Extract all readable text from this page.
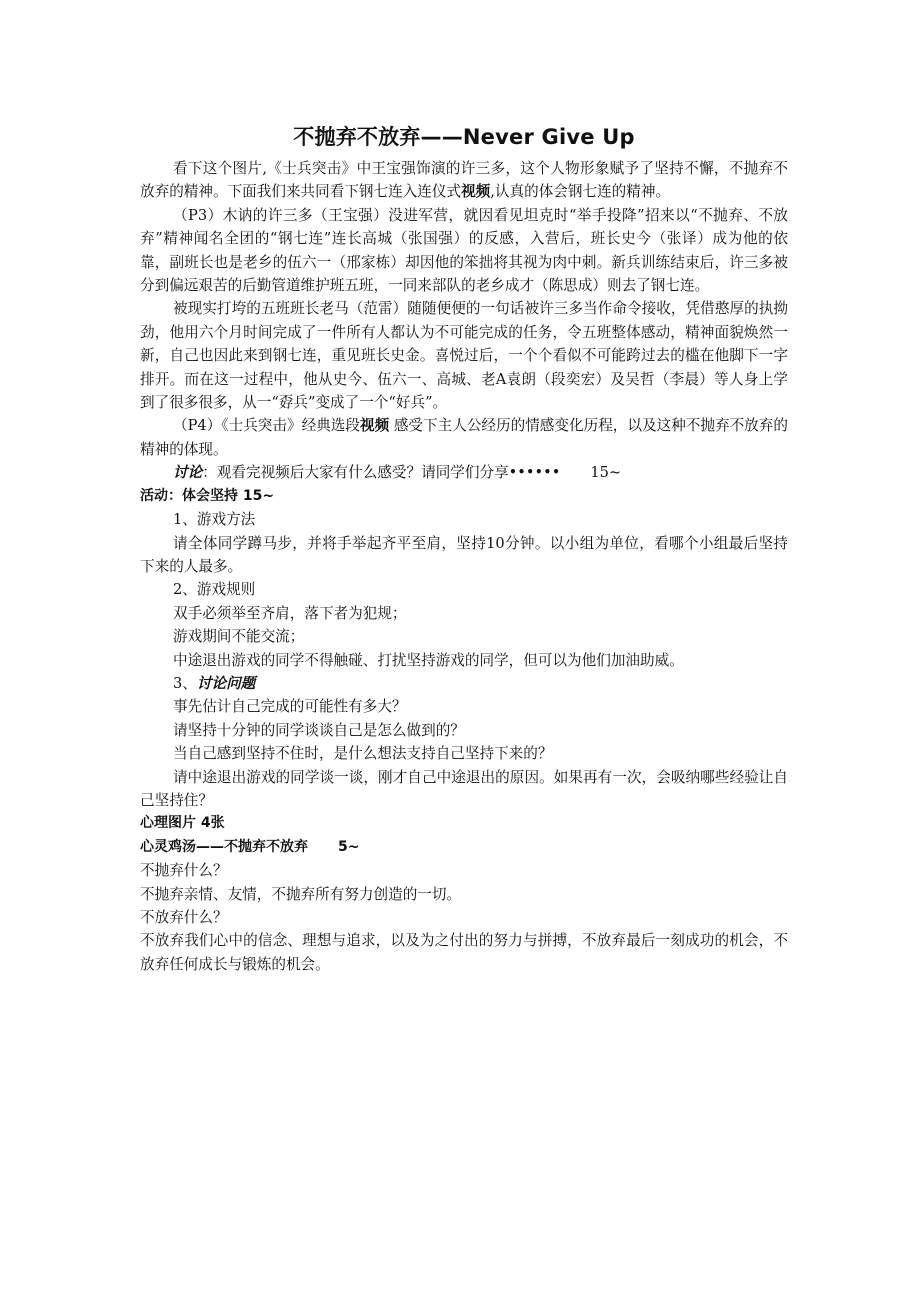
不抛弃不放弃——Never Give Up

看下这个图片,《士兵突击》中王宝强饰演的许三多，这个人物形象赋予了坚持不懈，不抛弃不放弃的精神。下面我们来共同看下钢七连入连仪式视频,认真的体会钢七连的精神。

（P3）木讷的许三多（王宝强）没进军营，就因看见坦克时“举手投降”招来以“不抛弃、不放弃”精神闻名全团的“钢七连”连长高城（张国强）的反感，入营后，班长史今（张译）成为他的依靠，副班长也是老乡的伍六一（邢家栋）却因他的笨拙将其视为肉中刺。新兵训练结束后，许三多被分到偏远艰苦的后勤管道维护班五班，一同来部队的老乡成才（陈思成）则去了钢七连。

被现实打垮的五班班长老马（范雷）随随便便的一句话被许三多当作命令接收，凭借憨厚的执拗劲，他用六个月时间完成了一件所有人都认为不可能完成的任务，令五班整体感动，精神面貌焕然一新，自己也因此来到钢七连，重见班长史金。喜悦过后，一个个看似不可能跨过去的槛在他脚下一字排开。而在这一过程中，他从史今、伍六一、高城、老A袁朗（段奕宏）及吴哲（李晨）等人身上学到了很多很多，从一“孬兵”变成了一个“好兵”。

（P4）《士兵突击》经典选段视频 感受下主人公经历的情感变化历程，以及这种不抛弃不放弃的精神的体现。

讨论：观看完视频后大家有什么感受？请同学们分享•••••• 15~

活动：体会坚持 15~

1、游戏方法

请全体同学蹲马步，并将手举起齐平至肩，坚持10分钟。以小组为单位，看哪个小组最后坚持下来的人最多。

2、游戏规则

双手必须举至齐肩，落下者为犯规；

游戏期间不能交流；

中途退出游戏的同学不得触碰、打扰坚持游戏的同学，但可以为他们加油助威。

3、讨论问题

事先估计自己完成的可能性有多大？

请坚持十分钟的同学谈谈自己是怎么做到的？

当自己感到坚持不住时，是什么想法支持自己坚持下来的？

请中途退出游戏的同学谈一谈，刚才自己中途退出的原因。如果再有一次，会吸纳哪些经验让自己坚持住？

心理图片 4张

心灵鸡汤——不抛弃不放弃 5~

不抛弃什么？

不抛弃亲情、友情，不抛弃所有努力创造的一切。

不放弃什么？

不放弃我们心中的信念、理想与追求，以及为之付出的努力与拼搏，不放弃最后一刻成功的机会，不放弃任何成长与锻炼的机会。
